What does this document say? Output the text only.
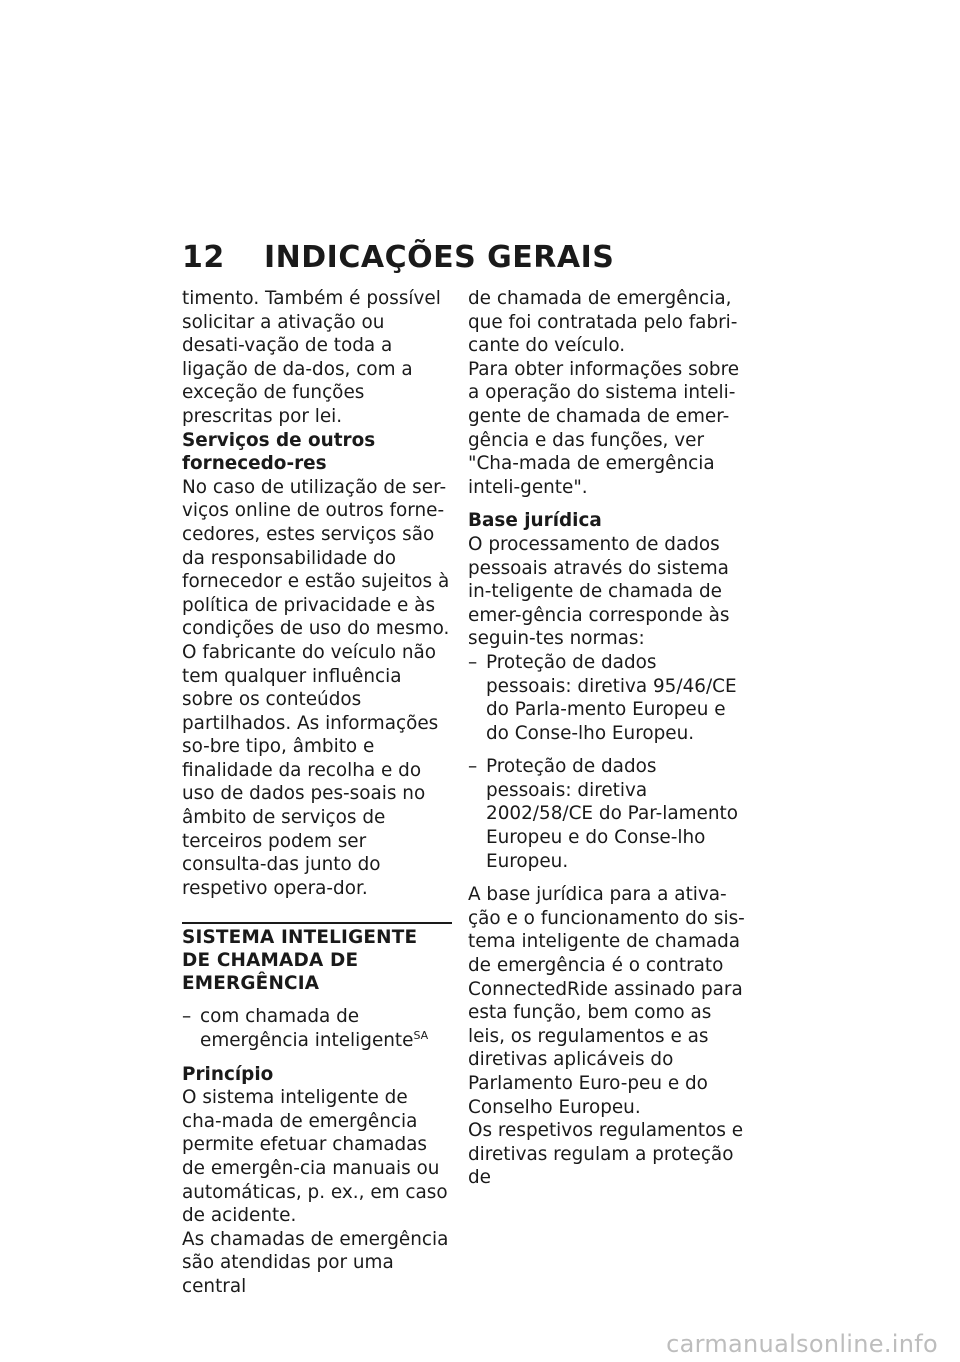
12	INDICAÇÕES GERAIS

timento. Também é possível solicitar a ativação ou desati-vação de toda a ligação de da-dos, com a exceção de funções prescritas por lei.

Serviços de outros fornecedo-res

No caso de utilização de ser-viços online de outros forne-cedores, estes serviços são da responsabilidade do fornecedor e estão sujeitos à política de privacidade e às condições de uso do mesmo. O fabricante do veículo não tem qualquer influência sobre os conteúdos partilhados. As informações so-bre tipo, âmbito e finalidade da recolha e do uso de dados pes-soais no âmbito de serviços de terceiros podem ser consulta-das junto do respetivo opera-dor.

SISTEMA INTELIGENTE DE CHAMADA DE EMERGÊNCIA

– com chamada de emergência inteligente$^{SA}$

Princípio

O sistema inteligente de cha-mada de emergência permite efetuar chamadas de emergên-cia manuais ou automáticas, p. ex., em caso de acidente.

As chamadas de emergência são atendidas por uma central

de chamada de emergência, que foi contratada pelo fabri-cante do veículo.

Para obter informações sobre a operação do sistema inteli-gente de chamada de emer-gência e das funções, ver "Cha-mada de emergência inteli-gente".

Base jurídica

O processamento de dados pessoais através do sistema in-teligente de chamada de emer-gência corresponde às seguin-tes normas:

– Proteção de dados pessoais: diretiva 95/46/CE do Parla-mento Europeu e do Conse-lho Europeu.
– Proteção de dados pessoais: diretiva 2002/58/CE do Par-lamento Europeu e do Conse-lho Europeu.

A base jurídica para a ativa-ção e o funcionamento do sis-tema inteligente de chamada de emergência é o contrato ConnectedRide assinado para esta função, bem como as leis, os regulamentos e as diretivas aplicáveis do Parlamento Euro-peu e do Conselho Europeu.

Os respetivos regulamentos e diretivas regulam a proteção de

carmanualsonline.info
